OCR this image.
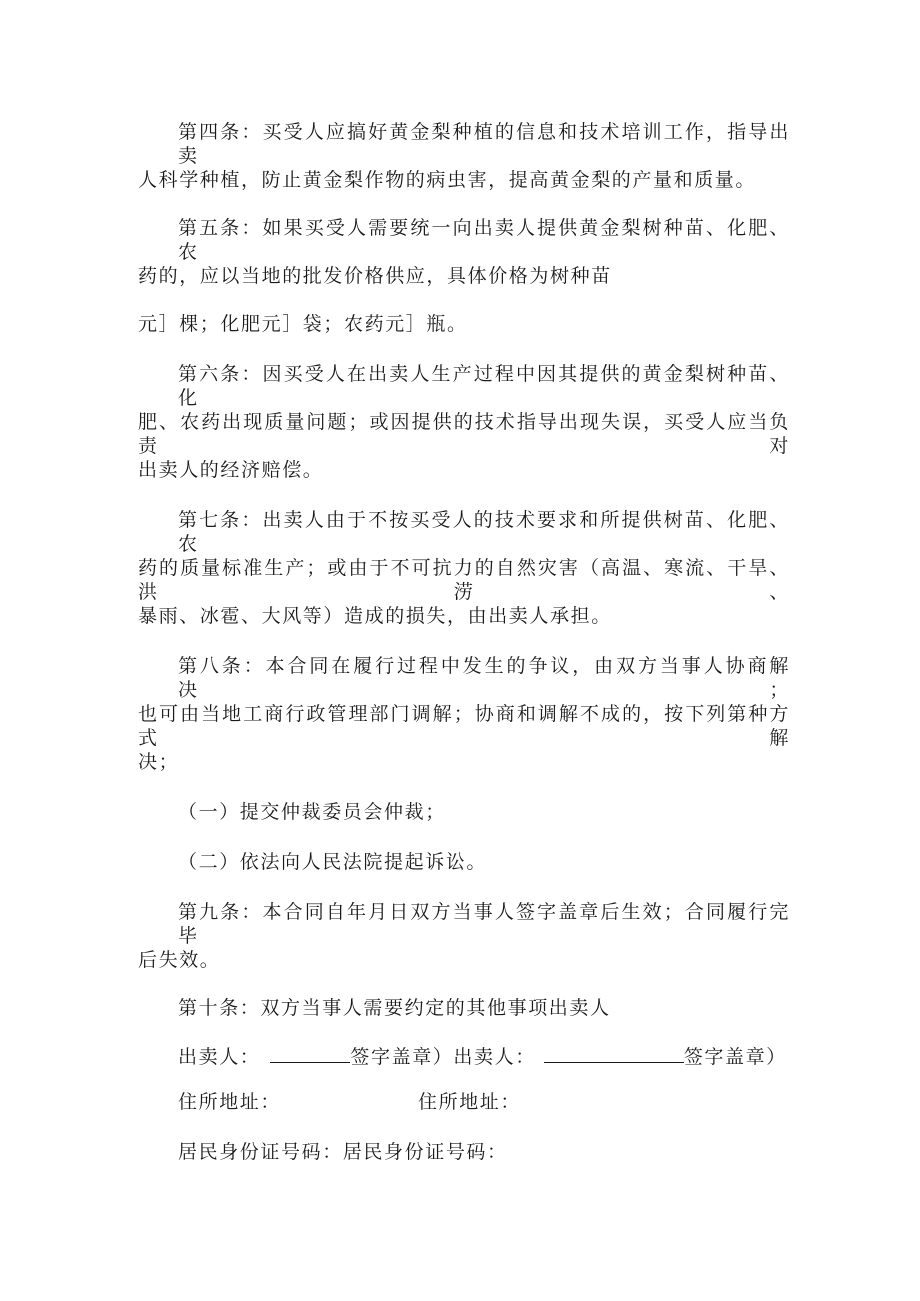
第四条：买受人应搞好黄金梨种植的信息和技术培训工作，指导出卖
人科学种植，防止黄金梨作物的病虫害，提高黄金梨的产量和质量。
第五条：如果买受人需要统一向出卖人提供黄金梨树种苗、化肥、农
药的，应以当地的批发价格供应，具体价格为树种苗
元］棵；化肥元］袋；农药元］瓶。
第六条：因买受人在出卖人生产过程中因其提供的黄金梨树种苗、化
肥、农药出现质量问题；或因提供的技术指导出现失误，买受人应当负责对
出卖人的经济赔偿。
第七条：出卖人由于不按买受人的技术要求和所提供树苗、化肥、农
药的质量标准生产；或由于不可抗力的自然灾害（高温、寒流、干旱、洪涝、
暴雨、冰雹、大风等）造成的损失，由出卖人承担。
第八条：本合同在履行过程中发生的争议，由双方当事人协商解决；
也可由当地工商行政管理部门调解；协商和调解不成的，按下列第种方式解
决；
（一）提交仲裁委员会仲裁；
（二）依法向人民法院提起诉讼。
第九条：本合同自年月日双方当事人签字盖章后生效；合同履行完毕
后失效。
第十条：双方当事人需要约定的其他事项出卖人
出卖人：	签字盖章）出卖人：	签字盖章）
住所地址：	住所地址：
居民身份证号码：居民身份证号码：
